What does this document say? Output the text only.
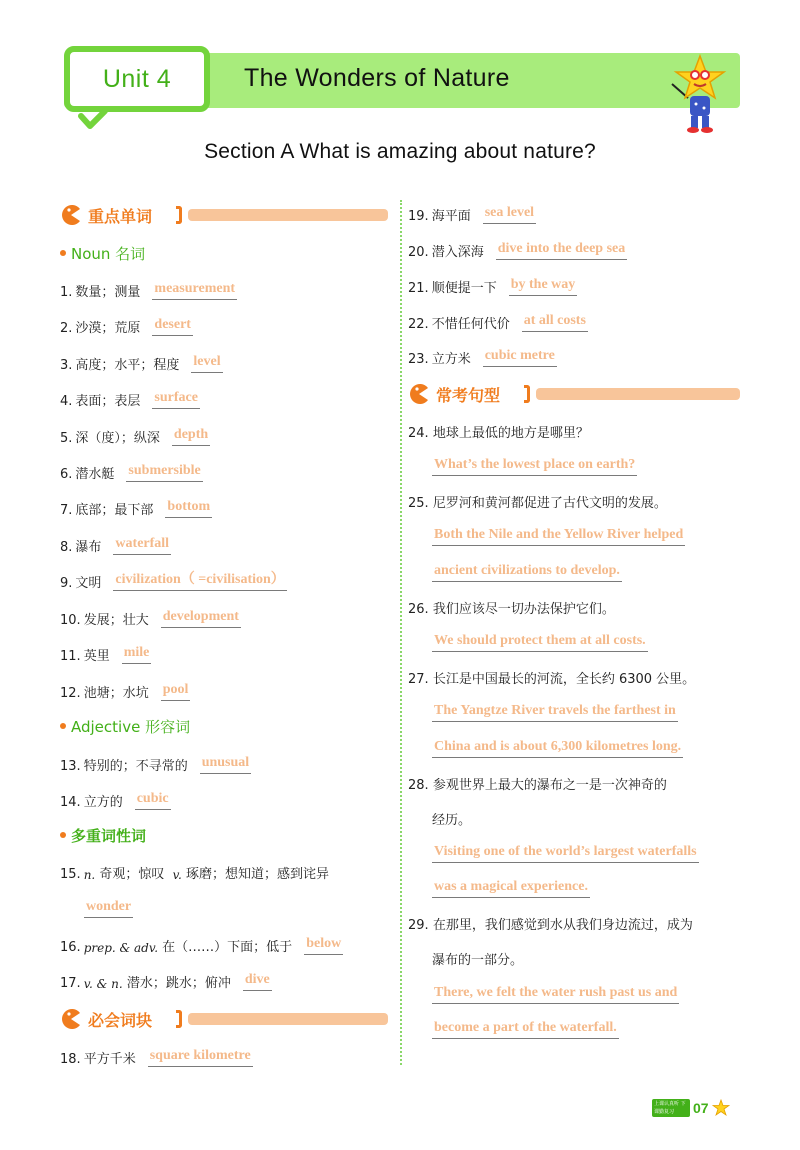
Unit 4	The Wonders of Nature
Section A What is amazing about nature?
重点单词
Noun 名词
1. 数量；测量 measurement
2. 沙漠；荒原 desert
3. 高度；水平；程度 level
4. 表面；表层 surface
5. 深（度）；纵深 depth
6. 潜水艇 submersible
7. 底部；最下部 bottom
8. 瀑布 waterfall
9. 文明 civilization（ =civilisation）
10. 发展；壮大 development
11. 英里 mile
12. 池塘；水坑 pool
Adjective 形容词
13. 特别的；不寻常的 unusual
14. 立方的 cubic
多重词性词
15. n.
奇观；惊叹
v.
琢磨；想知道；感到诧异
wonder
16. prep. & adv.
在（……）下面；低于 below
17. v. & n.
潜水；跳水；俯冲 dive
必会词块
18. 平方千米 square kilometre
19. 海平面 sea level
20. 潜入深海 dive into the deep sea
21. 顺便提一下 by the way
22. 不惜任何代价 at all costs
23. 立方米 cubic metre
常考句型
24.
地球上最低的地方是哪里？
What’s the lowest place on earth?
25.
尼罗河和黄河都促进了古代文明的发展。
Both the Nile and the Yellow River helped
ancient civilizations to develop.
26.
我们应该尽一切办法保护它们。
We should protect them at all costs.
27.
长江是中国最长的河流，全长约 6300 公里。
The Yangtze River travels the farthest in
China and is about 6,300 kilometres long.
28.
参观世界上最大的瀑布之一是一次神奇的
经历。
Visiting one of the world’s largest waterfalls
was a magical experience.
29.
在那里，我们感觉到水从我们身边流过，成为
瀑布的一部分。
There, we felt the water rush past us and
become a part of the waterfall.
上课认真听 下课勤复习	07
